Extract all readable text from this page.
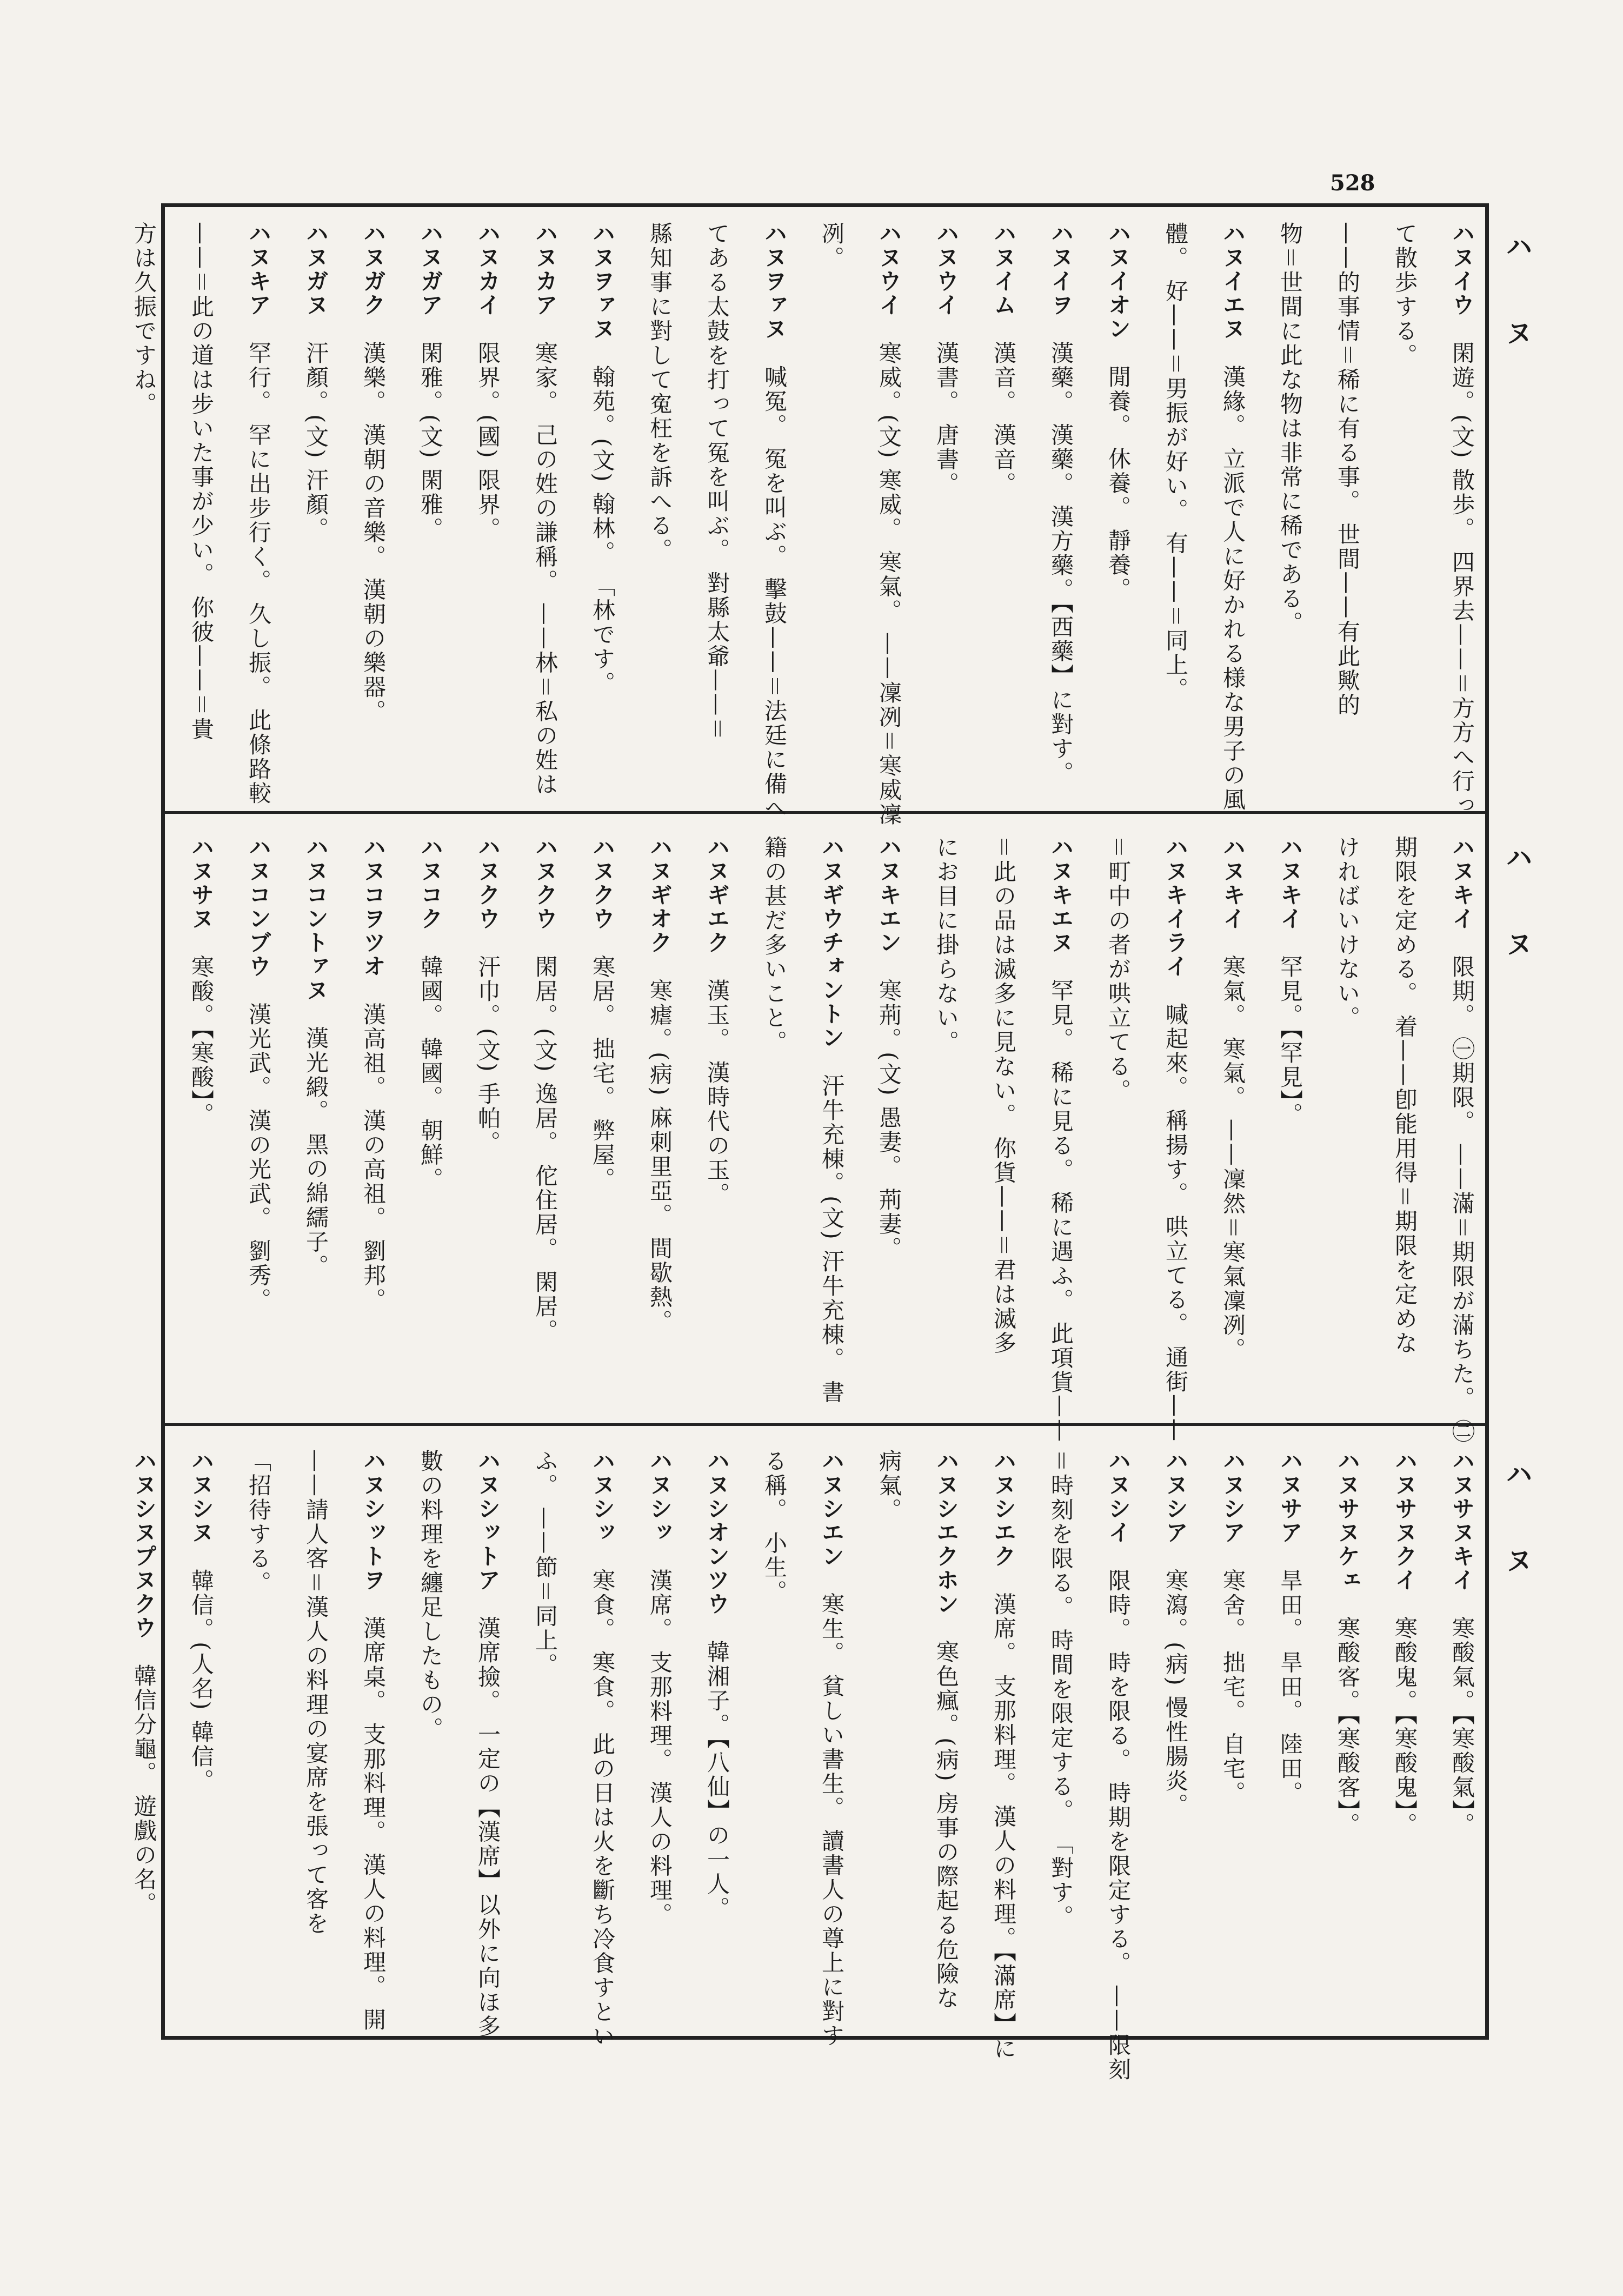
528
ハ ヌ
ハ ヌ
ハ ヌ
ハヌイウ　閑遊。(文) 散歩。 四界去——＝方方へ行っ
て散歩する。
——的事情＝稀に有る事。 世間——有此歟的
物＝世間に此な物は非常に稀である。
ハヌイエヌ　漢緣。 立派で人に好かれる様な男子の風
體。 好——＝男振が好い。 有——＝同上。
ハヌイオン　閒養。 休養。 靜養。
ハヌイヲ　漢藥。 漢藥。 漢方藥。【西藥】に對す。
ハヌイム　漢音。 漢音。
ハヌウイ　漢書。 唐書。
ハヌウイ　寒威。(文) 寒威。 寒氣。 ——凜冽＝寒威凜
冽。
ハヌヲァヌ　喊冤。 冤を叫ぶ。 擊鼓——＝法廷に備へ
てある太鼓を打って冤を叫ぶ。 對縣太爺——＝
縣知事に對して寃枉を訴へる。
ハヌヲァヌ　翰苑。(文) 翰林。 「林です。
ハヌカア　寒家。 己の姓の謙稱。 ——林＝私の姓は
ハヌカイ　限界。(國) 限界。
ハヌガア　閑雅。(文) 閑雅。
ハヌガク　漢樂。 漢朝の音樂。 漢朝の樂器。
ハヌガヌ　汗顏。(文) 汗顏。
ハヌキア　罕行。 罕に出步行く。 久し振。 此條路較
——＝此の道は步いた事が少い。 你彼——＝貴
方は久振ですね。
ハヌキイ　限期。 ㊀期限。 ——滿＝期限が滿ちた。 ㊁
期限を定める。 着——卽能用得＝期限を定めな
ければいけない。
ハヌキイ　罕見。【罕見】。
ハヌキイ　寒氣。 寒氣。 ——凜然＝寒氣凜冽。
ハヌキイライ　喊起來。 稱揚す。 哄立てる。 通街——
＝町中の者が哄立てる。
ハヌキエヌ　罕見。 稀に見る。 稀に遇ふ。 此項貨——
＝此の品は滅多に見ない。 你貨——＝君は滅多
にお目に掛らない。
ハヌキエン　寒荊。(文) 愚妻。 荊妻。
ハヌギウチォントン　汗牛充棟。(文) 汗牛充棟。 書
籍の甚だ多いこと。
ハヌギエク　漢玉。 漢時代の玉。
ハヌギオク　寒瘧。(病) 麻刺里亞。 間歇熱。
ハヌクウ　寒居。 拙宅。 弊屋。
ハヌクウ　閑居。(文) 逸居。 佗住居。 閑居。
ハヌクウ　汗巾。(文) 手帕。
ハヌコク　韓國。 韓國。 朝鮮。
ハヌコヲツオ　漢高祖。 漢の高祖。 劉邦。
ハヌコントァヌ　漢光緞。 黑の綿繻子。
ハヌコンブウ　漢光武。 漢の光武。 劉秀。
ハヌサヌ　寒酸。【寒酸】。
ハヌサヌキイ　寒酸氣。【寒酸氣】。
ハヌサヌクイ　寒酸鬼。【寒酸鬼】。
ハヌサヌケェ　寒酸客。【寒酸客】。
ハヌサア　旱田。 旱田。 陸田。
ハヌシア　寒舍。 拙宅。 自宅。
ハヌシア　寒瀉。(病) 慢性腸炎。
ハヌシイ　限時。 時を限る。 時期を限定する。 ——限刻
＝時刻を限る。 時間を限定する。 「對す。
ハヌシエク　漢席。 支那料理。 漢人の料理。【滿席】に
ハヌシエクホン　寒色瘋。(病) 房事の際起る危險な
病氣。
ハヌシエン　寒生。 貧しい書生。 讀書人の尊上に對す
る稱。 小生。
ハヌシオンツウ　韓湘子。【八仙】の一人。
ハヌシッ　漢席。 支那料理。 漢人の料理。
ハヌシッ　寒食。 寒食。 此の日は火を斷ち冷食すとい
ふ。 ——節＝同上。
ハヌシットア　漢席撿。 一定の【漢席】以外に向ほ多
數の料理を纏足したもの。
ハヌシットヲ　漢席桌。 支那料理。 漢人の料理。 開
——請人客＝漢人の料理の宴席を張って客を
「招待する。
ハヌシヌ　韓信。(人名) 韓信。
ハヌシヌプヌクウ　韓信分龜。 遊戲の名。
